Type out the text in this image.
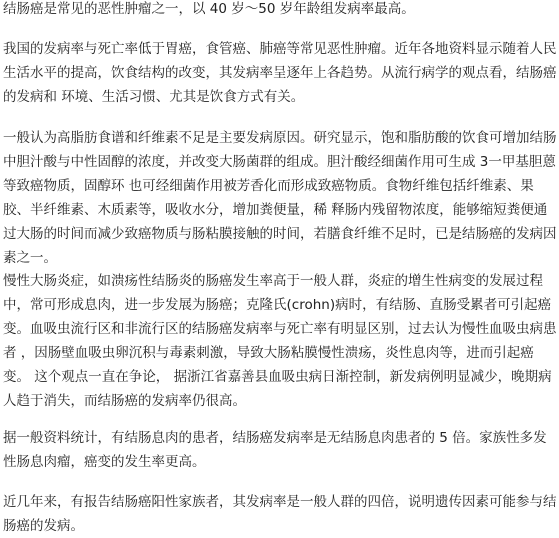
结肠癌是常见的恶性肿瘤之一，以 40 岁～50 岁年龄组发病率最高。

我国的发病率与死亡率低于胃癌，食管癌、肺癌等常见恶性肿瘤。近年各地资料显示随着人民生活水平的提高，饮食结构的改变，其发病率呈逐年上各趋势。从流行病学的观点看，结肠癌的发病和 环境、生活习惯、尤其是饮食方式有关。

一般认为高脂肪食谱和纤维素不足是主要发病原因。研究显示，饱和脂肪酸的饮食可增加结肠中胆汁酸与中性固醇的浓度，并改变大肠菌群的组成。胆汁酸经细菌作用可生成 3一甲基胆蒽等致癌物质，固醇环 也可经细菌作用被芳香化而形成致癌物质。食物纤维包括纤维素、果胶、半纤维素、木质素等，吸收水分，增加粪便量，稀 释肠内残留物浓度，能够缩短粪便通过大肠的时间而减少致癌物质与肠粘膜接触的时间，若膳食纤维不足时，已是结肠癌的发病因素之一。

慢性大肠炎症，如溃疡性结肠炎的肠癌发生率高于一般人群，炎症的增生性病变的发展过程中，常可形成息肉，进一步发展为肠癌；克隆氏(crohn)病时，有结肠、直肠受累者可引起癌变。血吸虫流行区和非流行区的结肠癌发病率与死亡率有明显区别，过去认为慢性血吸虫病患者 ，因肠壁血吸虫卵沉积与毒素刺激，导致大肠粘膜慢性溃疡，炎性息肉等，进而引起癌变。 这个观点一直在争论， 据浙江省嘉善县血吸虫病日渐控制，新发病例明显减少，晚期病人趋于消失，而结肠癌的发病率仍很高。

据一般资料统计，有结肠息肉的患者，结肠癌发病率是无结肠息肉患者的 5 倍。家族性多发性肠息肉瘤，癌变的发生率更高。

近几年来，有报告结肠癌阳性家族者，其发病率是一般人群的四倍，说明遗传因素可能参与结肠癌的发病。
